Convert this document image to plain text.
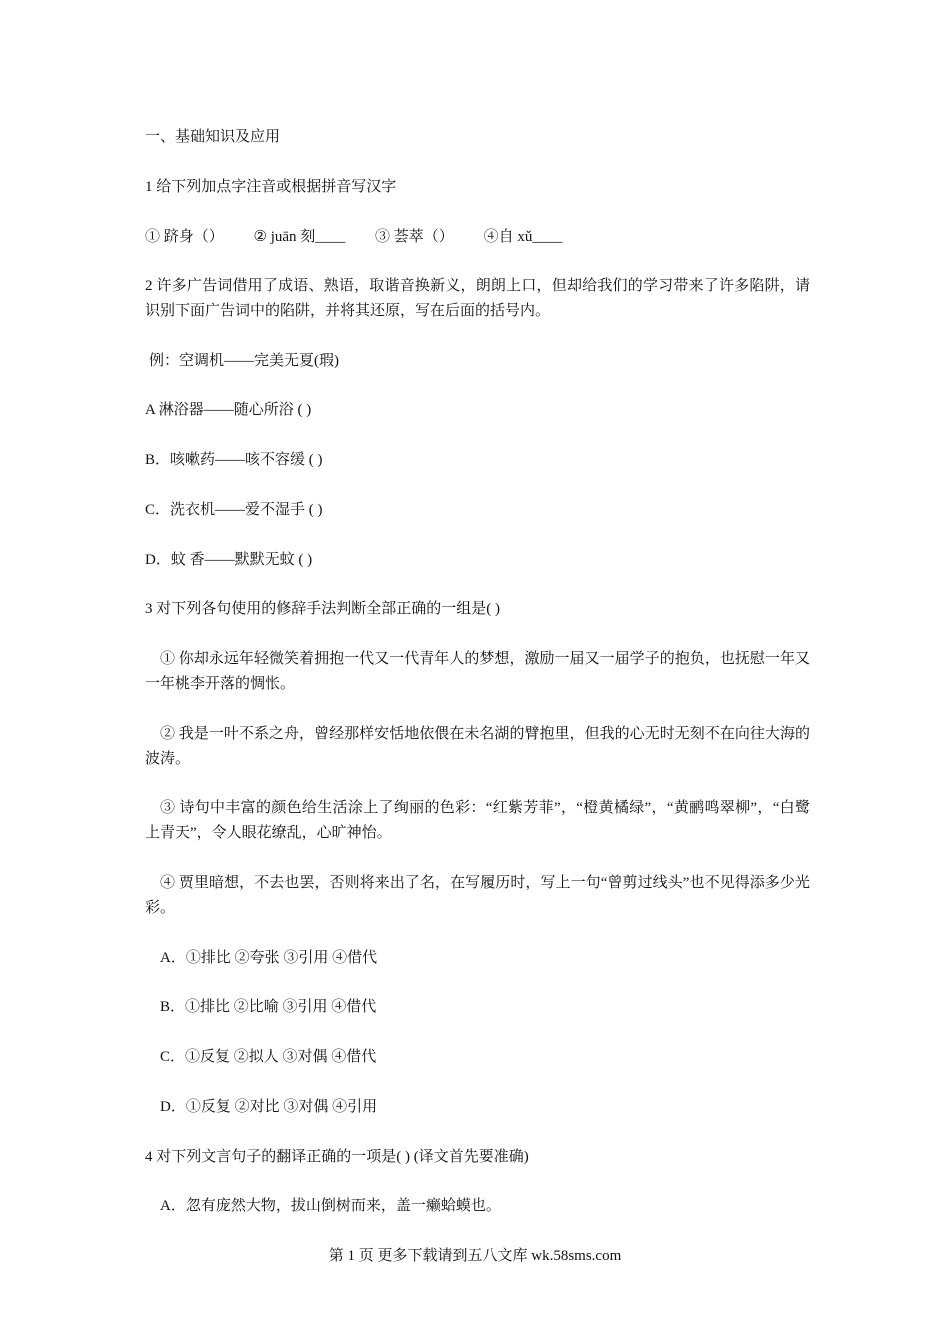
一、基础知识及应用
1 给下列加点字注音或根据拼音写汉字
① 跻身（） ② juān 刻____ ③ 荟萃（） ④自 xǔ____
2 许多广告词借用了成语、熟语，取谐音换新义，朗朗上口，但却给我们的学习带来了许多陷阱，请识别下面广告词中的陷阱，并将其还原，写在后面的括号内。
例：空调机——完美无夏(瑕)
A 淋浴器——随心所浴 ( )
B．咳嗽药——咳不容缓 ( )
C．洗衣机——爱不湿手 ( )
D．蚊 香——默默无蚊 ( )
3 对下列各句使用的修辞手法判断全部正确的一组是( )
① 你却永远年轻微笑着拥抱一代又一代青年人的梦想，激励一届又一届学子的抱负，也抚慰一年又一年桃李开落的惆怅。
② 我是一叶不系之舟，曾经那样安恬地依偎在未名湖的臂抱里，但我的心无时无刻不在向往大海的波涛。
③ 诗句中丰富的颜色给生活涂上了绚丽的色彩：“红紫芳菲”，“橙黄橘绿”，“黄鹂鸣翠柳”，“白鹭上青天”，令人眼花缭乱，心旷神怡。
④ 贾里暗想，不去也罢，否则将来出了名，在写履历时，写上一句“曾剪过线头”也不见得添多少光彩。
A．①排比 ②夸张 ③引用 ④借代
B．①排比 ②比喻 ③引用 ④借代
C．①反复 ②拟人 ③对偶 ④借代
D．①反复 ②对比 ③对偶 ④引用
4 对下列文言句子的翻译正确的一项是( ) (译文首先要准确)
A．忽有庞然大物，拔山倒树而来，盖一癞蛤蟆也。
第 1 页 更多下载请到五八文库 wk.58sms.com
